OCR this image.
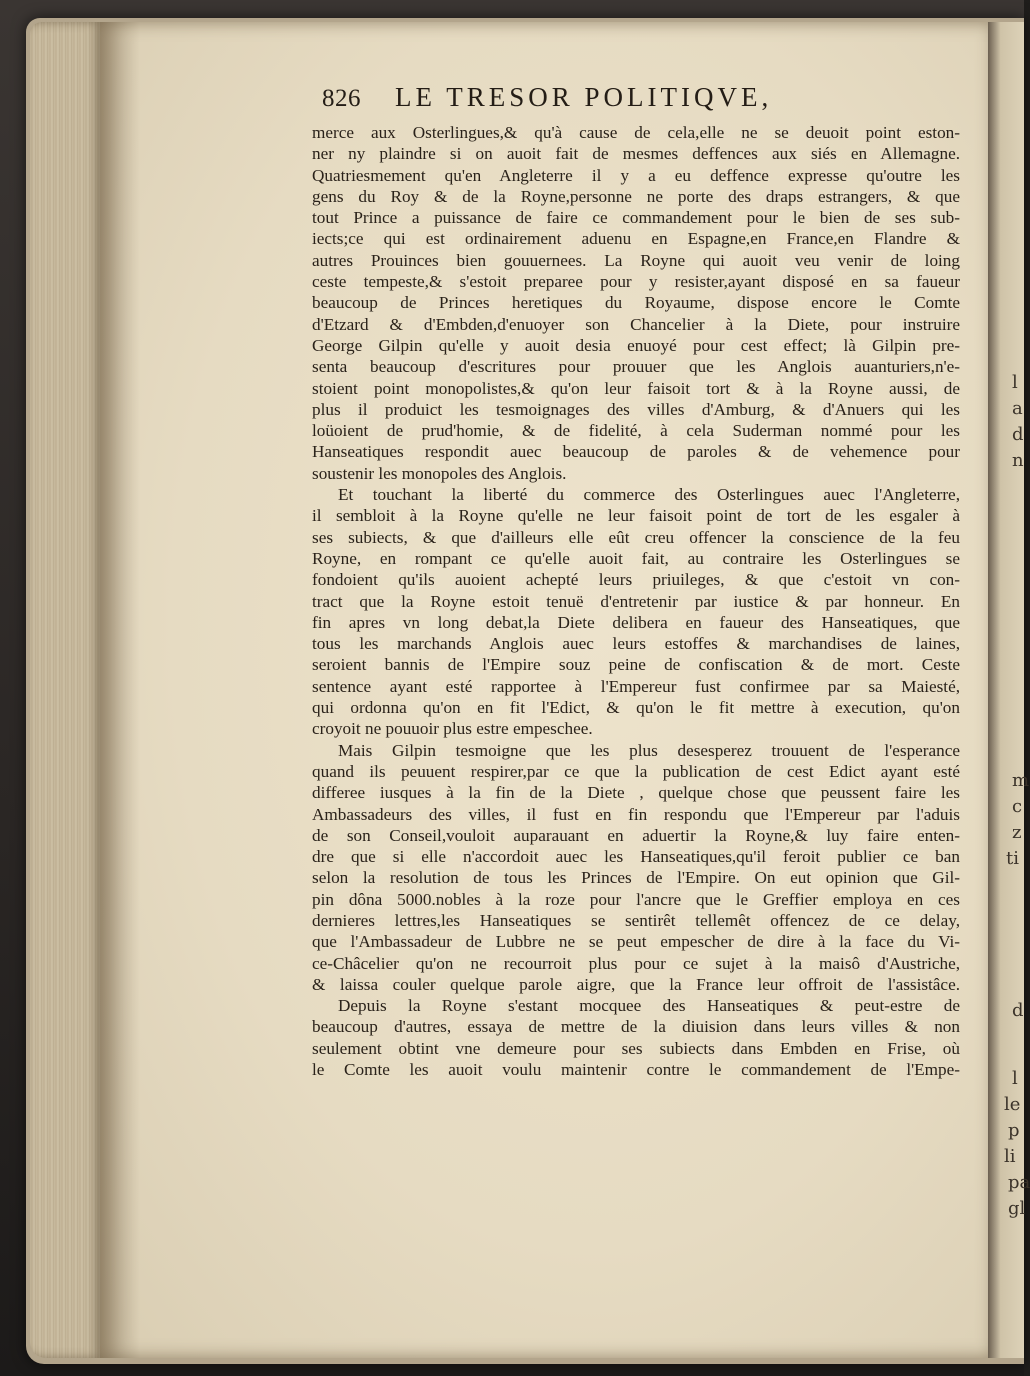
l
a
d
n
m
c
z
ti
p
li
le
pa
gl
d
l
826 LE TRESOR POLITIQVE,
merce aux Osterlingues,& qu'à cause de cela,elle ne se deuoit point eston-
ner ny plaindre si on auoit fait de mesmes deffences aux siés en Allemagne.
Quatriesmement qu'en Angleterre il y a eu deffence expresse qu'outre les
gens du Roy & de la Royne,personne ne porte des draps estrangers, & que
tout Prince a puissance de faire ce commandement pour le bien de ses sub-
iects;ce qui est ordinairement aduenu en Espagne,en France,en Flandre &
autres Prouinces bien gouuernees. La Royne qui auoit veu venir de loing
ceste tempeste,& s'estoit preparee pour y resister,ayant disposé en sa faueur
beaucoup de Princes heretiques du Royaume, dispose encore le Comte
d'Etzard & d'Embden,d'enuoyer son Chancelier à la Diete, pour instruire
George Gilpin qu'elle y auoit desia enuoyé pour cest effect; là Gilpin pre-
senta beaucoup d'escritures pour prouuer que les Anglois auanturiers,n'e-
stoient point monopolistes,& qu'on leur faisoit tort & à la Royne aussi, de
plus il produict les tesmoignages des villes d'Amburg, & d'Anuers qui les
loüoient de prud'homie, & de fidelité, à cela Suderman nommé pour les
Hanseatiques respondit auec beaucoup de paroles & de vehemence pour
soustenir les monopoles des Anglois.
Et touchant la liberté du commerce des Osterlingues auec l'Angleterre,
il sembloit à la Royne qu'elle ne leur faisoit point de tort de les esgaler à
ses subiects, & que d'ailleurs elle eût creu offencer la conscience de la feu
Royne, en rompant ce qu'elle auoit fait, au contraire les Osterlingues se
fondoient qu'ils auoient achepté leurs priuileges, & que c'estoit vn con-
tract que la Royne estoit tenuë d'entretenir par iustice & par honneur. En
fin apres vn long debat,la Diete delibera en faueur des Hanseatiques, que
tous les marchands Anglois auec leurs estoffes & marchandises de laines,
seroient bannis de l'Empire souz peine de confiscation & de mort. Ceste
sentence ayant esté rapportee à l'Empereur fust confirmee par sa Maiesté,
qui ordonna qu'on en fit l'Edict, & qu'on le fit mettre à execution, qu'on
croyoit ne pouuoir plus estre empeschee.
Mais Gilpin tesmoigne que les plus desesperez trouuent de l'esperance
quand ils peuuent respirer,par ce que la publication de cest Edict ayant esté
differee iusques à la fin de la Diete , quelque chose que peussent faire les
Ambassadeurs des villes, il fust en fin respondu que l'Empereur par l'aduis
de son Conseil,vouloit auparauant en aduertir la Royne,& luy faire enten-
dre que si elle n'accordoit auec les Hanseatiques,qu'il feroit publier ce ban
selon la resolution de tous les Princes de l'Empire. On eut opinion que Gil-
pin dôna 5000.nobles à la roze pour l'ancre que le Greffier employa en ces
dernieres lettres,les Hanseatiques se sentirêt tellemêt offencez de ce delay,
que l'Ambassadeur de Lubbre ne se peut empescher de dire à la face du Vi-
ce-Châcelier qu'on ne recourroit plus pour ce sujet à la maisô d'Austriche,
& laissa couler quelque parole aigre, que la France leur offroit de l'assistâce.
Depuis la Royne s'estant mocquee des Hanseatiques & peut-estre de
beaucoup d'autres, essaya de mettre de la diuision dans leurs villes & non
seulement obtint vne demeure pour ses subiects dans Embden en Frise, où
le Comte les auoit voulu maintenir contre le commandement de l'Empe-
